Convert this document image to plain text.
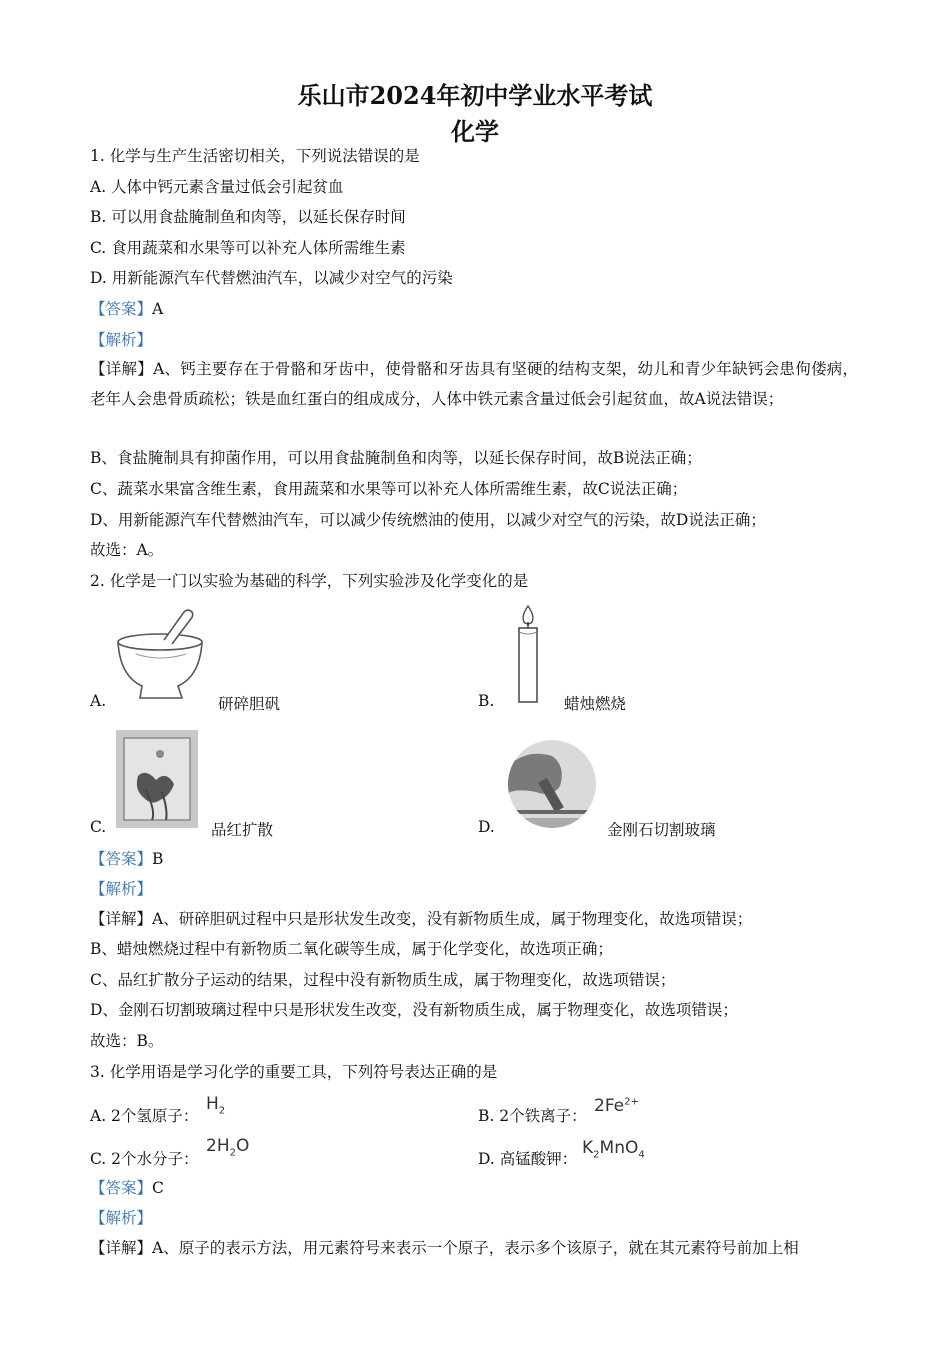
乐山市2024年初中学业水平考试
化学
1. 化学与生产生活密切相关，下列说法错误的是
A. 人体中钙元素含量过低会引起贫血
B. 可以用食盐腌制鱼和肉等，以延长保存时间
C. 食用蔬菜和水果等可以补充人体所需维生素
D. 用新能源汽车代替燃油汽车，以减少对空气的污染
【答案】A
【解析】
【详解】A、钙主要存在于骨骼和牙齿中，使骨骼和牙齿具有坚硬的结构支架，幼儿和青少年缺钙会患佝偻病，老年人会患骨质疏松；铁是血红蛋白的组成成分，人体中铁元素含量过低会引起贫血，故A说法错误；
B、食盐腌制具有抑菌作用，可以用食盐腌制鱼和肉等，以延长保存时间，故B说法正确；
C、蔬菜水果富含维生素，食用蔬菜和水果等可以补充人体所需维生素，故C说法正确；
D、用新能源汽车代替燃油汽车，可以减少传统燃油的使用，以减少对空气的污染，故D说法正确；
故选：A。
2. 化学是一门以实验为基础的科学，下列实验涉及化学变化的是
A.	研碎胆矾	B.	蜡烛燃烧
C.	品红扩散	D.	金刚石切割玻璃
【答案】B
【解析】
【详解】A、研碎胆矾过程中只是形状发生改变，没有新物质生成，属于物理变化，故选项错误；
B、蜡烛燃烧过程中有新物质二氧化碳等生成，属于化学变化，故选项正确；
C、品红扩散分子运动的结果，过程中没有新物质生成，属于物理变化，故选项错误；
D、金刚石切割玻璃过程中只是形状发生改变，没有新物质生成，属于物理变化，故选项错误；
故选：B。
3. 化学用语是学习化学的重要工具，下列符号表达正确的是
A. 2个氢原子：
$H_2$	B. 2个铁离子： $2Fe^{2+}$
C. 2个水分子：
$2H_2O$
D. 高锰酸钾：
$K_2MnO_4$
【答案】C
【解析】
【详解】A、原子的表示方法，用元素符号来表示一个原子，表示多个该原子，就在其元素符号前加上相
